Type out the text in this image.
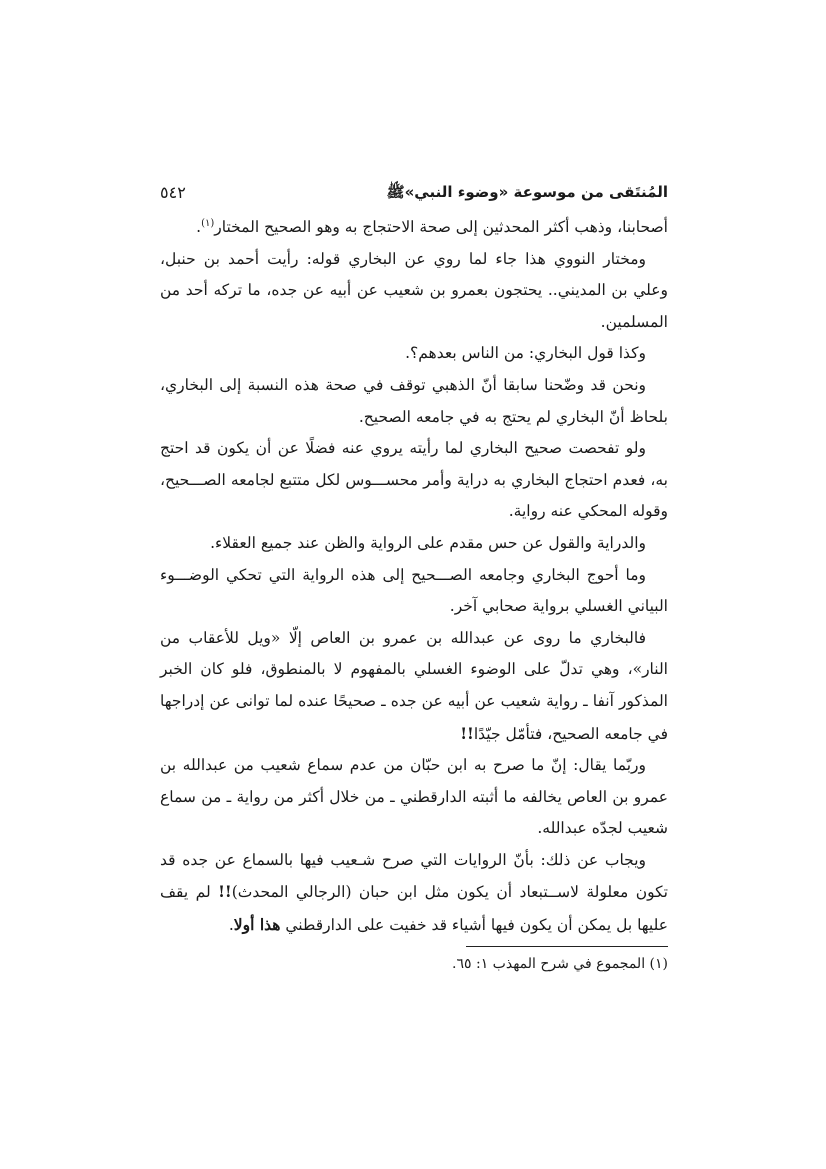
المُنتَقى من موسوعة «وضوء النبي»ﷺ
٥٤٢

أصحابنا، وذهب أكثر المحدثين إلى صحة الاحتجاج به وهو الصحيح المختار$^{(١)}$.

ومختار النووي هذا جاء لما روي عن البخاري قوله: رأيت أحمد بن حنبل، وعلي بن المديني.. يحتجون بعمرو بن شعيب عن أبيه عن جده، ما تركه أحد من المسلمين.

وكذا قول البخاري: من الناس بعدهم؟.

ونحن قد وضّحنا سابقا أنّ الذهبي توقف في صحة هذه النسبة إلى البخاري، بلحاظ أنّ البخاري لم يحتج به في جامعه الصحيح.

ولو تفحصت صحيح البخاري لما رأيته يروي عنه فضلًا عن أن يكون قد احتج به، فعدم احتجاج البخاري به دراية وأمر محســـوس لكل متتبع لجامعه الصـــحيح، وقوله المحكي عنه رواية.

والدراية والقول عن حس مقدم على الرواية والظن عند جميع العقلاء.

وما أحوج البخاري وجامعه الصـــحيح إلى هذه الرواية التي تحكي الوضـــوء البياني الغسلي برواية صحابي آخر.

فالبخاري ما روى عن عبدالله بن عمرو بن العاص إلّا «ويل للأعقاب من النار»، وهي تدلّ على الوضوء الغسلي بالمفهوم لا بالمنطوق، فلو كان الخبر المذكور آنفا ـ رواية شعيب عن أبيه عن جده ـ صحيحًا عنده لما توانى عن إدراجها في جامعه الصحيح، فتأمّل جيّدًا!!

وربّما يقال: إنّ ما صرح به ابن حبّان من عدم سماع شعيب من عبدالله بن عمرو بن العاص يخالفه ما أثبته الدارقطني ـ من خلال أكثر من رواية ـ من سماع شعيب لجدّه عبدالله.

ويجاب عن ذلك: بأنّ الروايات التي صرح شـعيب فيها بالسماع عن جده قد تكون معلولة لاســتبعاد أن يكون مثل ابن حبان (الرجالي المحدث)!! لم يقف عليها بل يمكن أن يكون فيها أشياء قد خفيت على الدارقطني هذا أولا.

(١) المجموع في شرح المهذب ١: ٦٥.
